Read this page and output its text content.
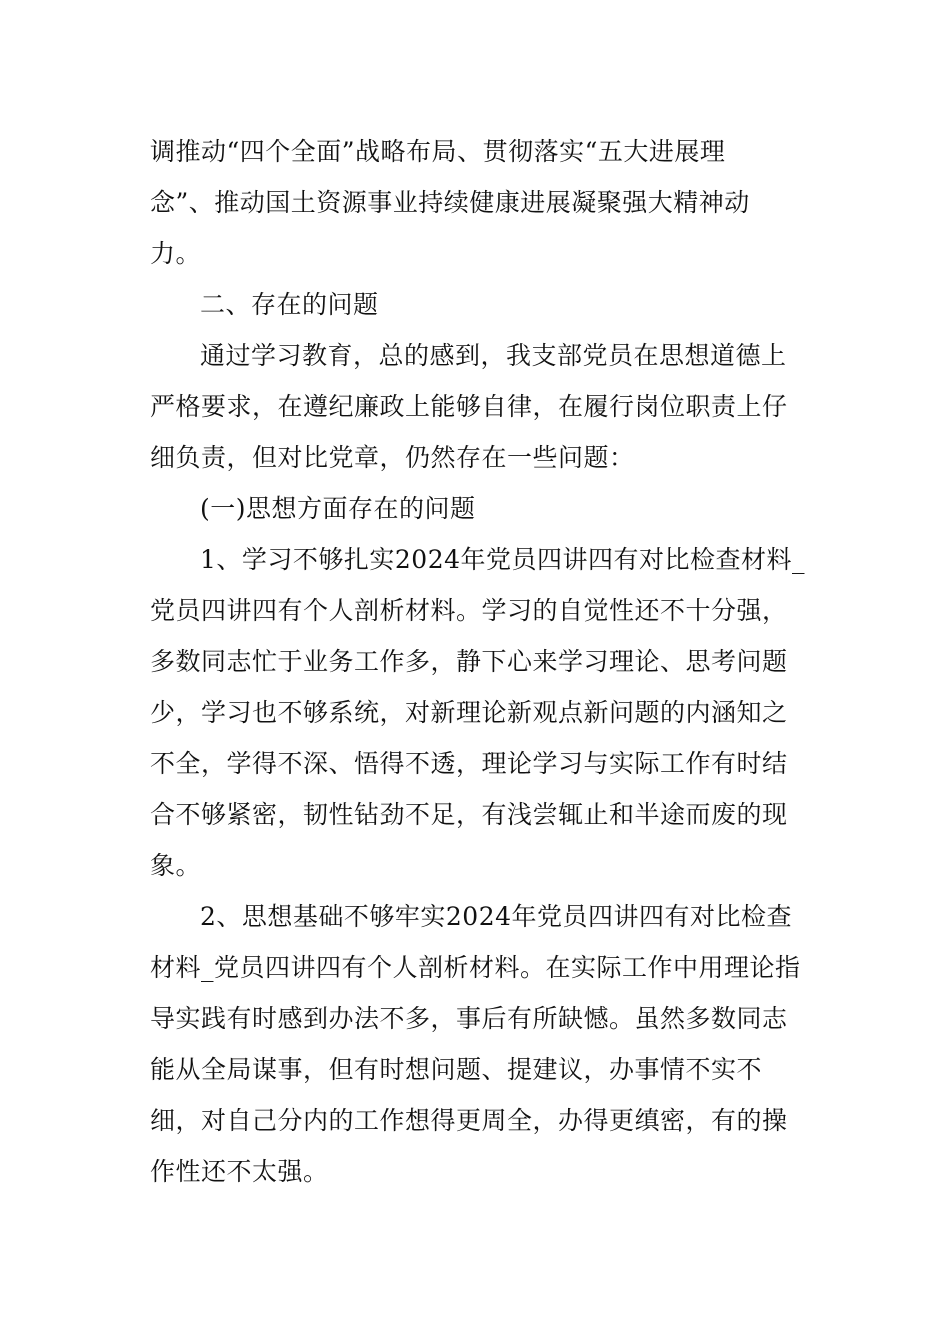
调推动“四个全面”战略布局、贯彻落实“五大进展理
念”、推动国土资源事业持续健康进展凝聚强大精神动
力。
二、存在的问题
通过学习教育，总的感到，我支部党员在思想道德上
严格要求，在遵纪廉政上能够自律，在履行岗位职责上仔
细负责，但对比党章，仍然存在一些问题：
(一)思想方面存在的问题
1、学习不够扎实2024年党员四讲四有对比检查材料_
党员四讲四有个人剖析材料。学习的自觉性还不十分强，
多数同志忙于业务工作多，静下心来学习理论、思考问题
少，学习也不够系统，对新理论新观点新问题的内涵知之
不全，学得不深、悟得不透，理论学习与实际工作有时结
合不够紧密，韧性钻劲不足，有浅尝辄止和半途而废的现
象。
2、思想基础不够牢实2024年党员四讲四有对比检查
材料_党员四讲四有个人剖析材料。在实际工作中用理论指
导实践有时感到办法不多，事后有所缺憾。虽然多数同志
能从全局谋事，但有时想问题、提建议，办事情不实不
细，对自己分内的工作想得更周全，办得更缜密，有的操
作性还不太强。
